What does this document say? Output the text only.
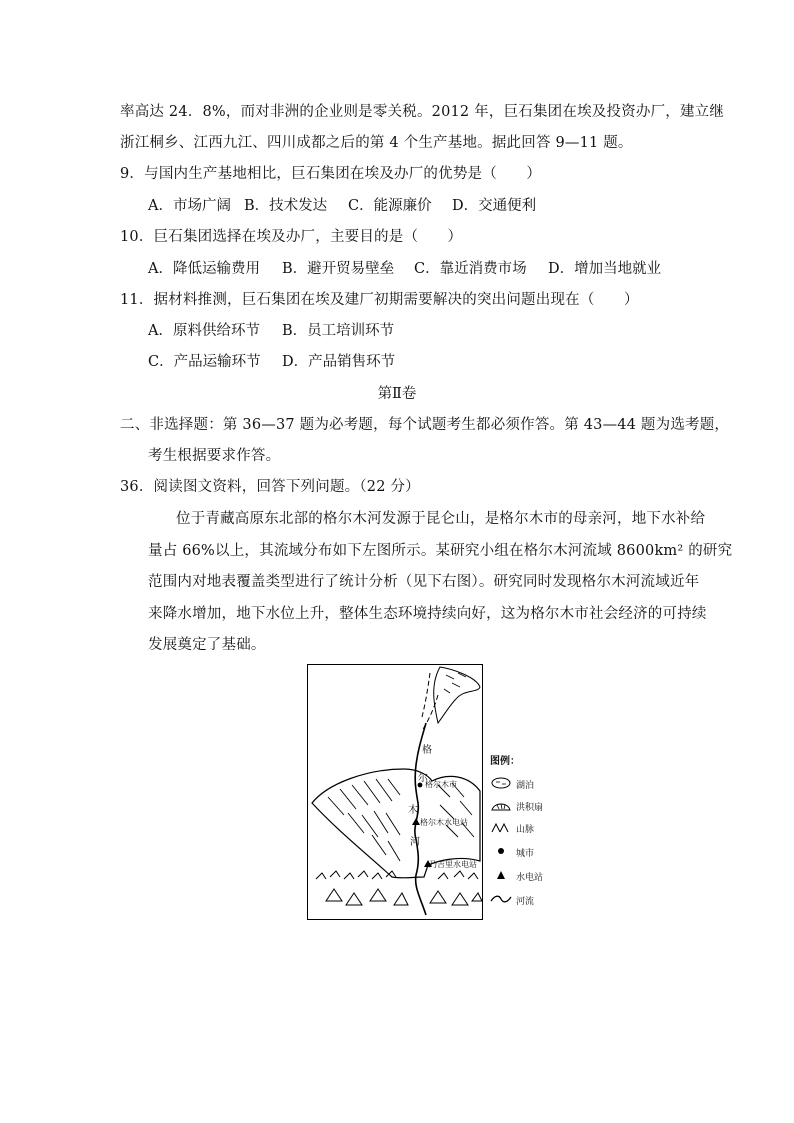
率高达 24．8%，而对非洲的企业则是零关税。2012 年，巨石集团在埃及投资办厂，建立继
浙江桐乡、江西九江、四川成都之后的第 4 个生产基地。据此回答 9—11 题。
9．与国内生产基地相比，巨石集团在埃及办厂的优势是（　　）
A．市场广阔 B．技术发达 C．能源廉价 D．交通便利
10．巨石集团选择在埃及办厂，主要目的是（　　）
A．降低运输费用 B．避开贸易壁垒 C．靠近消费市场 D．增加当地就业
11．据材料推测，巨石集团在埃及建厂初期需要解决的突出问题出现在（　　）
A．原料供给环节 B．员工培训环节
C．产品运输环节 D．产品销售环节
第Ⅱ卷
二、非选择题：第 36—37 题为必考题，每个试题考生都必须作答。第 43—44 题为选考题，
考生根据要求作答。
36．阅读图文资料，回答下列问题。（22 分）
位于青藏高原东北部的格尔木河发源于昆仑山，是格尔木市的母亲河，地下水补给
量占 66%以上，其流域分布如下左图所示。某研究小组在格尔木河流域 8600km² 的研究
范围内对地表覆盖类型进行了统计分析（见下右图）。研究同时发现格尔木河流域近年
来降水增加，地下水位上升，整体生态环境持续向好，这为格尔木市社会经济的可持续
发展奠定了基础。
格
尔
木
河
格尔木市
格尔木水电站
乃吉里水电站
图例：
湖泊
洪积扇
山脉
城市
水电站
河流
